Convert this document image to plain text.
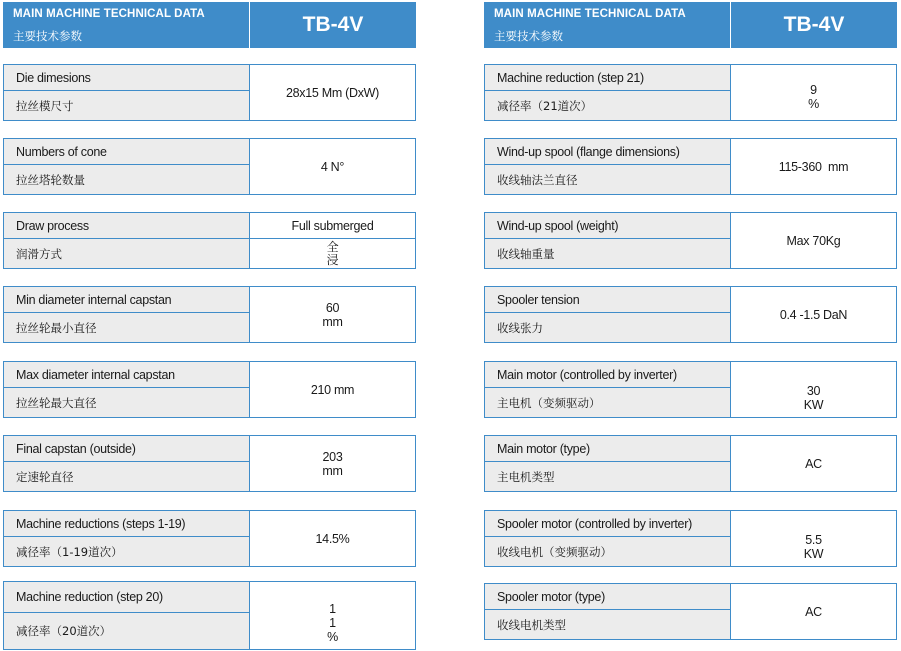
MAIN MACHINE TECHNICAL DATA
主要技术参数	TB-4V
Die dimesions
拉丝模尺寸
28x15 Mm (DxW)
Numbers of cone
拉丝塔轮数量
4 N°
Draw process
润滑方式
Full submerged
全
浸
Min diameter internal capstan
拉丝轮最小直径
60
mm
Max diameter internal capstan
拉丝轮最大直径
210 mm
Final capstan (outside)
定速轮直径
203
mm
Machine reductions (steps 1-19)
减径率（1-19道次）
14.5%
Machine reduction (step 20)
减径率（20道次）
1
1
%
MAIN MACHINE TECHNICAL DATA
主要技术参数	TB-4V
Machine reduction (step 21)
减径率（21道次）
9
%
Wind-up spool (flange dimensions)
收线轴法兰直径
115-360  mm
Wind-up spool (weight)
收线轴重量
Max 70Kg
Spooler tension
收线张力
0.4 -1.5 DaN
Main motor (controlled by inverter)
主电机（变频驱动）
30
KW
Main motor (type)
主电机类型
AC
Spooler motor (controlled by inverter)
收线电机（变频驱动）
5.5
KW
Spooler motor (type)
收线电机类型
AC
